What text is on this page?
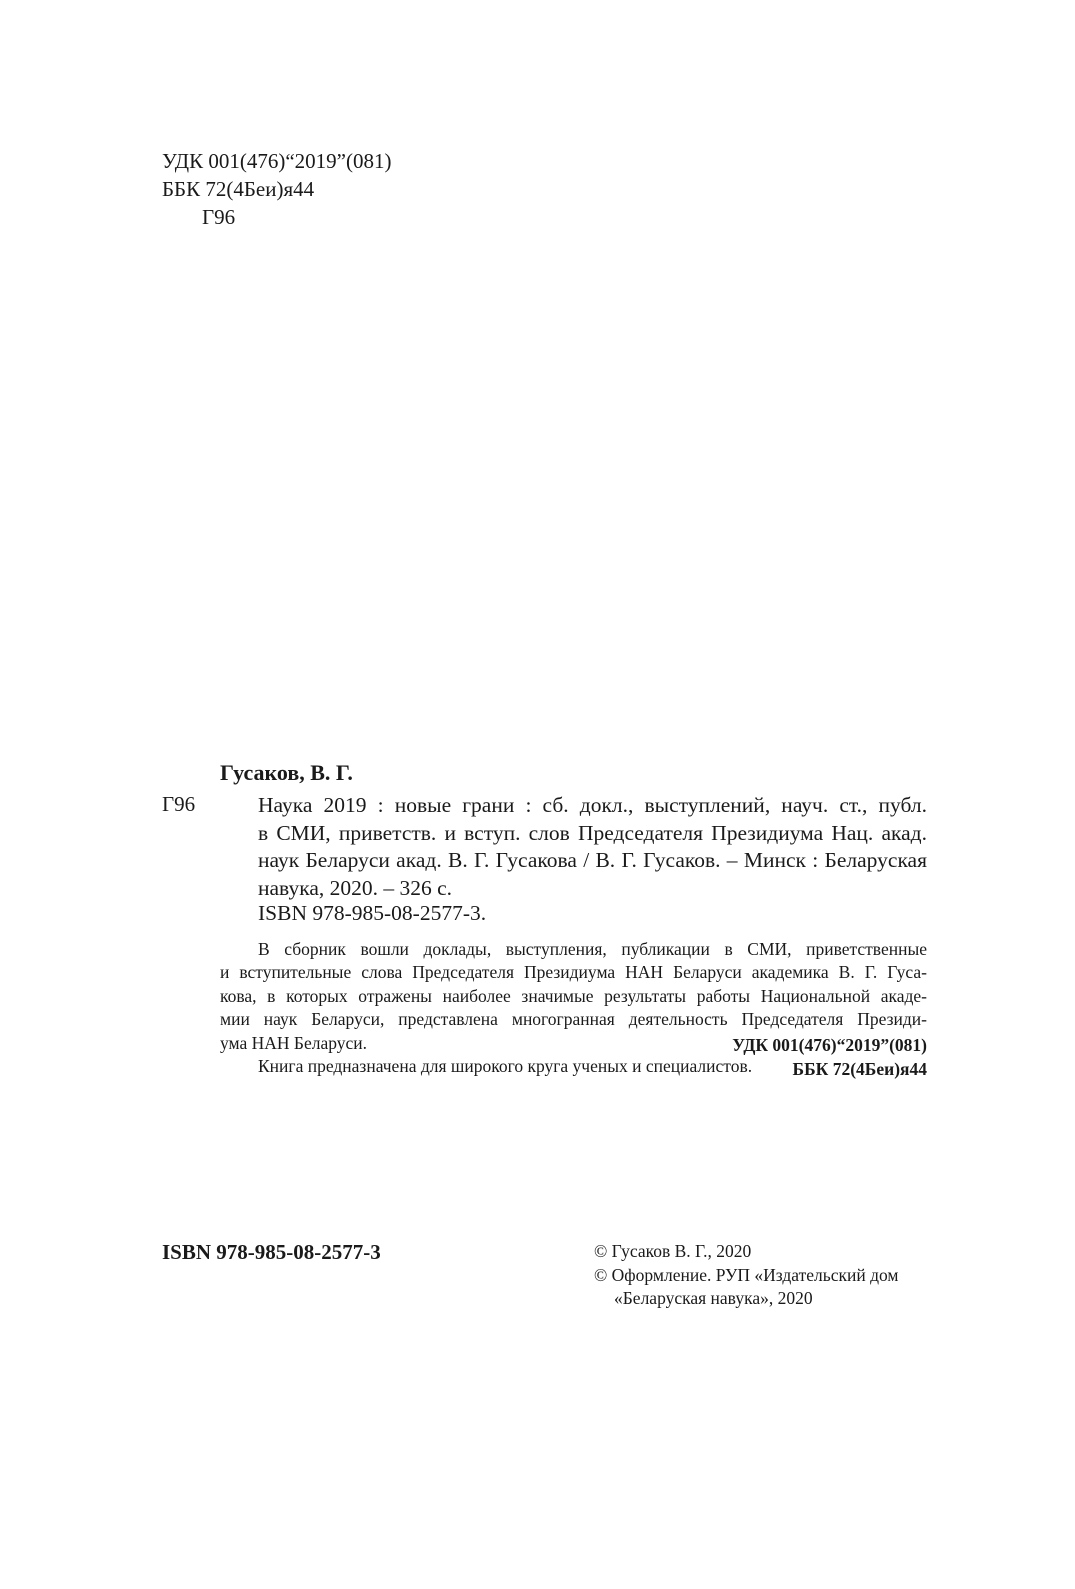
УДК 001(476)“2019”(081)
ББК 72(4Беи)я44
Г96
Гусаков, В. Г.
Г96	Наука 2019 : новые грани : сб. докл., выступлений, науч. ст., публ.
в СМИ, приветств. и вступ. слов Председателя Президиума Нац. акад.
наук Беларуси акад. В. Г. Гусакова / В. Г. Гусаков. – Минск : Беларуская
навука, 2020. – 326 с.
ISBN 978-985-08-2577-3.
В сборник вошли доклады, выступления, публикации в СМИ, приветственные
и вступительные слова Председателя Президиума НАН Беларуси академика В. Г. Гуса-
кова, в которых отражены наиболее значимые результаты работы Национальной акаде-
мии наук Беларуси, представлена многогранная деятельность Председателя Президи-
ума НАН Беларуси.
Книга предназначена для широкого круга ученых и специалистов.
УДК 001(476)“2019”(081)
ББК 72(4Беи)я44
ISBN 978-985-08-2577-3	© Гусаков В. Г., 2020
© Оформление. РУП «Издательский дом
«Беларуская навука», 2020
